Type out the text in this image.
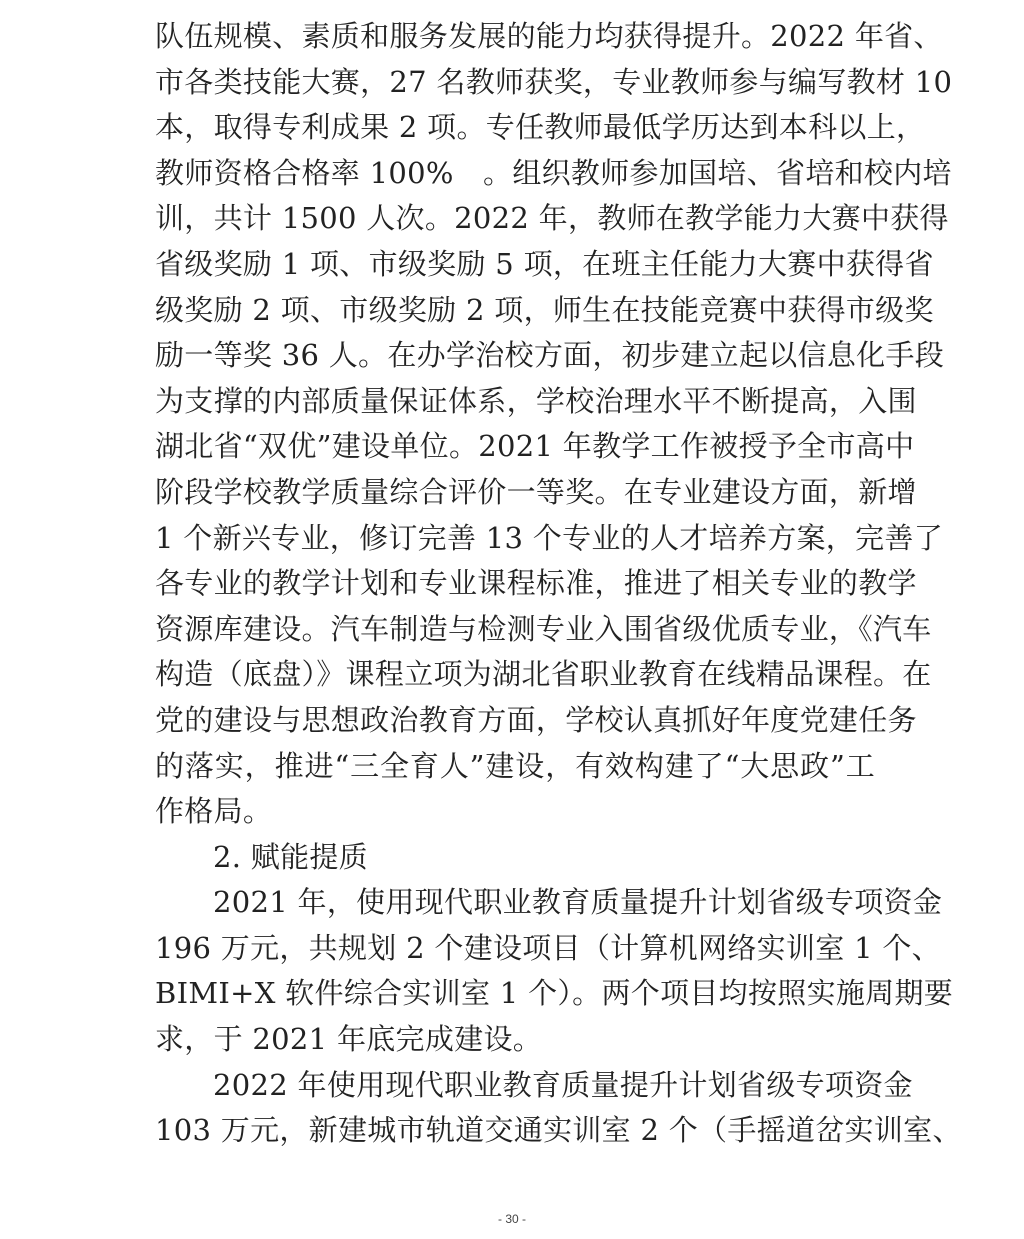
队伍规模、素质和服务发展的能力均获得提升。2022 年省、
市各类技能大赛，27 名教师获奖，专业教师参与编写教材 10
本，取得专利成果 2 项。专任教师最低学历达到本科以上，
教师资格合格率 100%　。组织教师参加国培、省培和校内培
训，共计 1500 人次。2022 年，教师在教学能力大赛中获得
省级奖励 1 项、市级奖励 5 项，在班主任能力大赛中获得省
级奖励 2 项、市级奖励 2 项，师生在技能竞赛中获得市级奖
励一等奖 36 人。在办学治校方面，初步建立起以信息化手段
为支撑的内部质量保证体系，学校治理水平不断提高，入围
湖北省“双优”建设单位。2021 年教学工作被授予全市高中
阶段学校教学质量综合评价一等奖。在专业建设方面，新增
1 个新兴专业，修订完善 13 个专业的人才培养方案，完善了
各专业的教学计划和专业课程标准，推进了相关专业的教学
资源库建设。汽车制造与检测专业入围省级优质专业，《汽车
构造（底盘）》课程立项为湖北省职业教育在线精品课程。在
党的建设与思想政治教育方面，学校认真抓好年度党建任务
的落实，推进“三全育人”建设，有效构建了“大思政”工
作格局。
2. 赋能提质
2021 年，使用现代职业教育质量提升计划省级专项资金
196 万元，共规划 2 个建设项目（计算机网络实训室 1 个、
BIMI+X 软件综合实训室 1 个）。两个项目均按照实施周期要
求，于 2021 年底完成建设。
2022 年使用现代职业教育质量提升计划省级专项资金
103 万元，新建城市轨道交通实训室 2 个（手摇道岔实训室、
- 30 -
